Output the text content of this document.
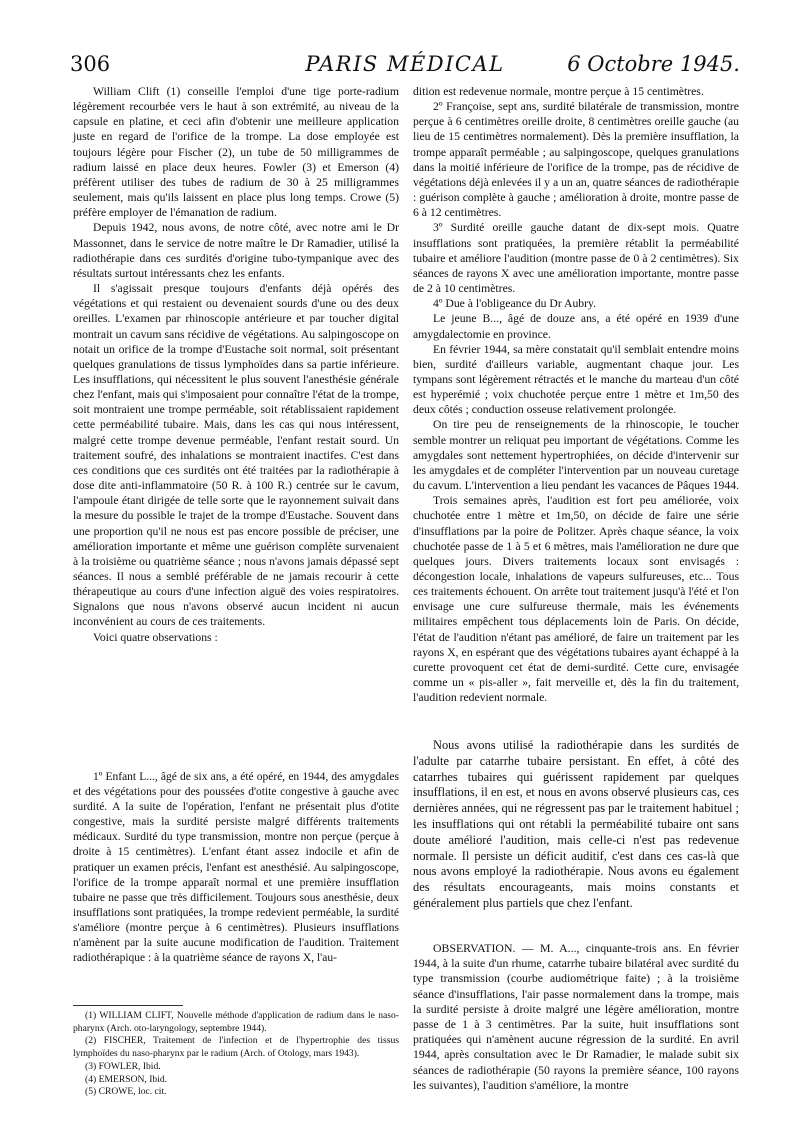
306	PARIS MÉDICAL	6 Octobre 1945.

William Clift (1) conseille l'emploi d'une tige porte-radium légèrement recourbée vers le haut à son extrémité, au niveau de la capsule en platine, et ceci afin d'obtenir une meilleure application juste en regard de l'orifice de la trompe. La dose employée est toujours légère pour Fischer (2), un tube de 50 milligrammes de radium laissé en place deux heures. Fowler (3) et Emerson (4) préfèrent utiliser des tubes de radium de 30 à 25 milligrammes seulement, mais qu'ils laissent en place plus long temps. Crowe (5) préfère employer de l'émanation de radium.

Depuis 1942, nous avons, de notre côté, avec notre ami le Dr Massonnet, dans le service de notre maître le Dr Ramadier, utilisé la radiothérapie dans ces surdités d'origine tubo-tympanique avec des résultats surtout intéressants chez les enfants.

Il s'agissait presque toujours d'enfants déjà opérés des végétations et qui restaient ou devenaient sourds d'une ou des deux oreilles. L'examen par rhinoscopie antérieure et par toucher digital montrait un cavum sans récidive de végétations. Au salpingoscope on notait un orifice de la trompe d'Eustache soit normal, soit présentant quelques granulations de tissus lymphoïdes dans sa partie inférieure. Les insufflations, qui nécessitent le plus souvent l'anesthésie générale chez l'enfant, mais qui s'imposaient pour connaître l'état de la trompe, soit montraient une trompe perméable, soit rétablissaient rapidement cette perméabilité tubaire. Mais, dans les cas qui nous intéressent, malgré cette trompe devenue perméable, l'enfant restait sourd. Un traitement soufré, des inhalations se montraient inactifes. C'est dans ces conditions que ces surdités ont été traitées par la radiothérapie à dose dite anti-inflammatoire (50 R. à 100 R.) centrée sur le cavum, l'ampoule étant dirigée de telle sorte que le rayonnement suivait dans la mesure du possible le trajet de la trompe d'Eustache. Souvent dans une proportion qu'il ne nous est pas encore possible de préciser, une amélioration importante et même une guérison complète survenaient à la troisième ou quatrième séance ; nous n'avons jamais dépassé sept séances. Il nous a semblé préférable de ne jamais recourir à cette thérapeutique au cours d'une infection aiguë des voies respiratoires. Signalons que nous n'avons observé aucun incident ni aucun inconvénient au cours de ces traitements.

Voici quatre observations :

1º Enfant L..., âgé de six ans, a été opéré, en 1944, des amygdales et des végétations pour des poussées d'otite congestive à gauche avec surdité. A la suite de l'opération, l'enfant ne présentait plus d'otite congestive, mais la surdité persiste malgré différents traitements médicaux. Surdité du type transmission, montre non perçue (perçue à droite à 15 centimètres). L'enfant étant assez indocile et afin de pratiquer un examen précis, l'enfant est anesthésié. Au salpingoscope, l'orifice de la trompe apparaît normal et une première insufflation tubaire ne passe que très difficilement. Toujours sous anesthésie, deux insufflations sont pratiquées, la trompe redevient perméable, la surdité s'améliore (montre perçue à 6 centimètres). Plusieurs insufflations n'amènent par la suite aucune modification de l'audition. Traitement radiothérapique : à la quatrième séance de rayons X, l'au-

(1) WILLIAM CLIFT, Nouvelle méthode d'application de radium dans le naso-pharynx (Arch. oto-laryngology, septembre 1944).

(2) FISCHER, Traitement de l'infection et de l'hypertrophie des tissus lymphoïdes du naso-pharynx par le radium (Arch. of Otology, mars 1943).

(3) FOWLER, Ibid.

(4) EMERSON, Ibid.

(5) CROWE, loc. cit.

dition est redevenue normale, montre perçue à 15 centimètres.

2º Françoise, sept ans, surdité bilatérale de transmission, montre perçue à 6 centimètres oreille droite, 8 centimètres oreille gauche (au lieu de 15 centimètres normalement). Dès la première insufflation, la trompe apparaît perméable ; au salpingoscope, quelques granulations dans la moitié inférieure de l'orifice de la trompe, pas de récidive de végétations déjà enlevées il y a un an, quatre séances de radiothérapie : guérison complète à gauche ; amélioration à droite, montre passe de 6 à 12 centimètres.

3º Surdité oreille gauche datant de dix-sept mois. Quatre insufflations sont pratiquées, la première rétablit la perméabilité tubaire et améliore l'audition (montre passe de 0 à 2 centimètres). Six séances de rayons X avec une amélioration importante, montre passe de 2 à 10 centimètres.

4º Due à l'obligeance du Dr Aubry.

Le jeune B..., âgé de douze ans, a été opéré en 1939 d'une amygdalectomie en province.

En février 1944, sa mère constatait qu'il semblait entendre moins bien, surdité d'ailleurs variable, augmentant chaque jour. Les tympans sont légèrement rétractés et le manche du marteau d'un côté est hyperémié ; voix chuchotée perçue entre 1 mètre et 1m,50 des deux côtés ; conduction osseuse relativement prolongée.

On tire peu de renseignements de la rhinoscopie, le toucher semble montrer un reliquat peu important de végétations. Comme les amygdales sont nettement hypertrophiées, on décide d'intervenir sur les amygdales et de compléter l'intervention par un nouveau curetage du cavum. L'intervention a lieu pendant les vacances de Pâques 1944.

Trois semaines après, l'audition est fort peu améliorée, voix chuchotée entre 1 mètre et 1m,50, on décide de faire une série d'insufflations par la poire de Politzer. Après chaque séance, la voix chuchotée passe de 1 à 5 et 6 mètres, mais l'amélioration ne dure que quelques jours. Divers traitements locaux sont envisagés : décongestion locale, inhalations de vapeurs sulfureuses, etc... Tous ces traitements échouent. On arrête tout traitement jusqu'à l'été et l'on envisage une cure sulfureuse thermale, mais les événements militaires empêchent tous déplacements loin de Paris. On décide, l'état de l'audition n'étant pas amélioré, de faire un traitement par les rayons X, en espérant que des végétations tubaires ayant échappé à la curette provoquent cet état de demi-surdité. Cette cure, envisagée comme un « pis-aller », fait merveille et, dès la fin du traitement, l'audition redevient normale.

Nous avons utilisé la radiothérapie dans les surdités de l'adulte par catarrhe tubaire persistant. En effet, à côté des catarrhes tubaires qui guérissent rapidement par quelques insufflations, il en est, et nous en avons observé plusieurs cas, ces dernières années, qui ne régressent pas par le traitement habituel ; les insufflations qui ont rétabli la perméabilité tubaire ont sans doute amélioré l'audition, mais celle-ci n'est pas redevenue normale. Il persiste un déficit auditif, c'est dans ces cas-là que nous avons employé la radiothérapie. Nous avons eu également des résultats encourageants, mais moins constants et généralement plus partiels que chez l'enfant.

OBSERVATION. — M. A..., cinquante-trois ans. En février 1944, à la suite d'un rhume, catarrhe tubaire bilatéral avec surdité du type transmission (courbe audiométrique faite) ; à la troisième séance d'insufflations, l'air passe normalement dans la trompe, mais la surdité persiste à droite malgré une légère amélioration, montre passe de 1 à 3 centimètres. Par la suite, huit insufflations sont pratiquées qui n'amènent aucune régression de la surdité. En avril 1944, après consultation avec le Dr Ramadier, le malade subit six séances de radiothérapie (50 rayons la première séance, 100 rayons les suivantes), l'audition s'améliore, la montre
